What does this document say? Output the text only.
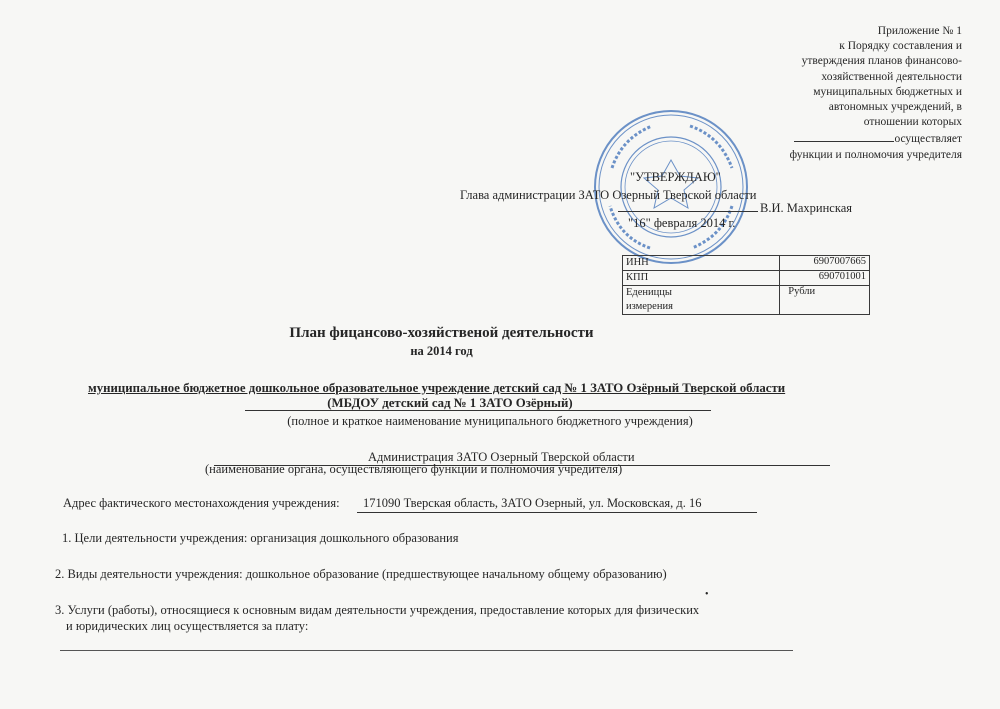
Приложение № 1
к Порядку составления и
утверждения планов финансово-
хозяйственной деятельности
муниципальных бюджетных и
автономных учреждений, в
отношении которых
осуществляет
функции и полномочия учредителя
"УТВЕРЖДАЮ"
Глава администрации ЗАТО Озерный Тверской области
В.И. Махринская
"16" февраля 2014 г.
ИНН	6907007665
КПП	690701001
Едениццы
измерения	Рубли
План фицансово-хозяйственой деятельности
на 2014 год
муниципальное бюджетное дошкольное образовательное учреждение детский сад № 1 ЗАТО Озёрный Тверской области
(МБДОУ детский сад № 1 ЗАТО Озёрный)
(полное и краткое наименование муниципального бюджетного учреждения)
Администрация ЗАТО Озерный Тверской области
(наименование органа, осуществляющего функции и полномочия учредителя)
Адрес фактического местонахождения учреждения: 171090 Тверская область, ЗАТО Озерный, ул. Московская, д. 16
1. Цели деятельности учреждения: организация дошкольного образования
2. Виды деятельности учреждения: дошкольное образование (предшествующее начальному общему образованию)
•
3. Услуги (работы), относящиеся к основным видам деятельности учреждения, предоставление которых для физических
и юридических лиц осуществляется за плату:
